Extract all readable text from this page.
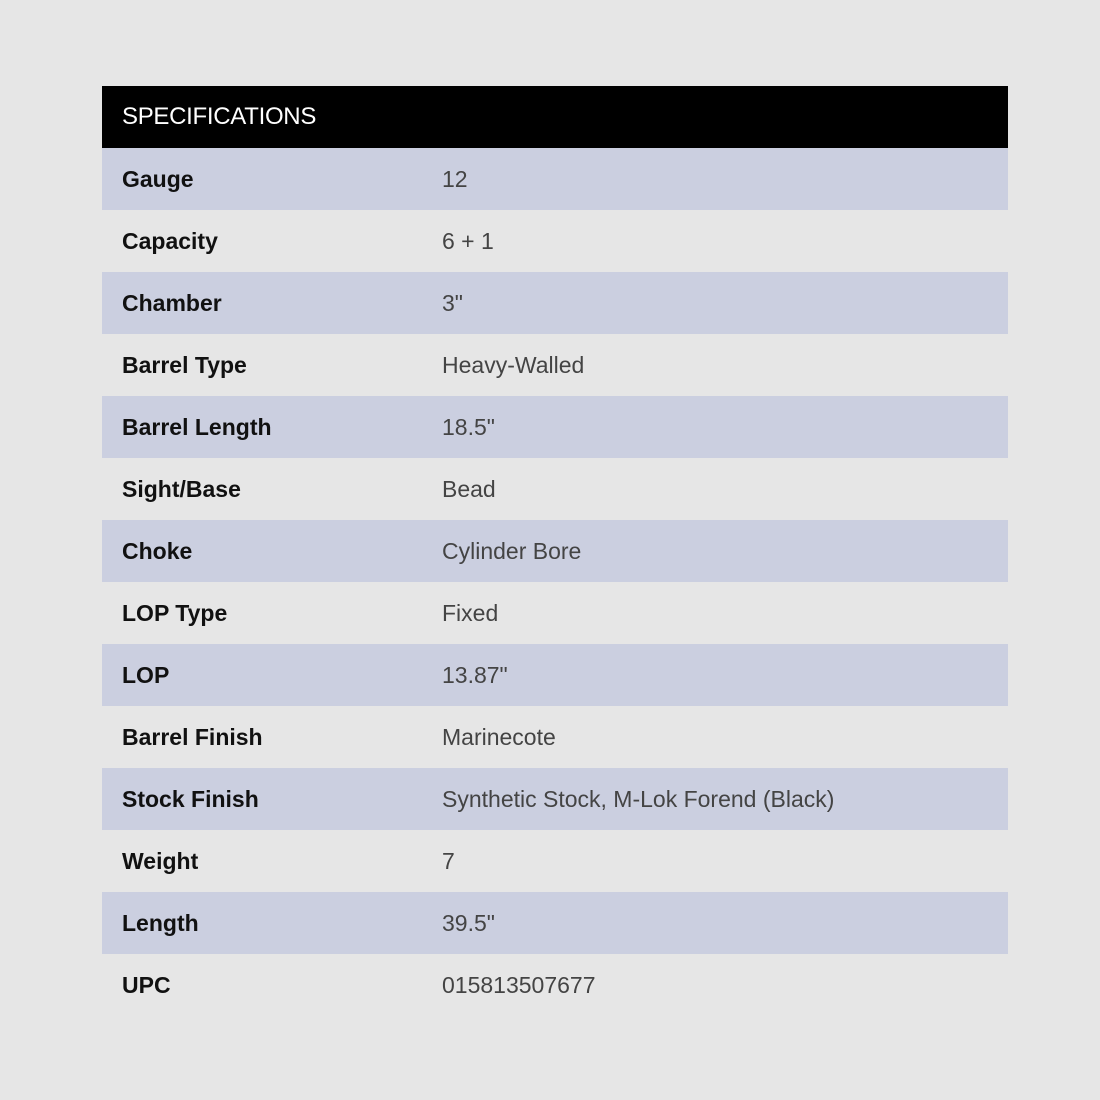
SPECIFICATIONS
Gauge	12
Capacity	6 + 1
Chamber	3"
Barrel Type	Heavy-Walled
Barrel Length	18.5"
Sight/Base	Bead
Choke	Cylinder Bore
LOP Type	Fixed
LOP	13.87"
Barrel Finish	Marinecote
Stock Finish	Synthetic Stock, M-Lok Forend (Black)
Weight	7
Length	39.5"
UPC	015813507677
